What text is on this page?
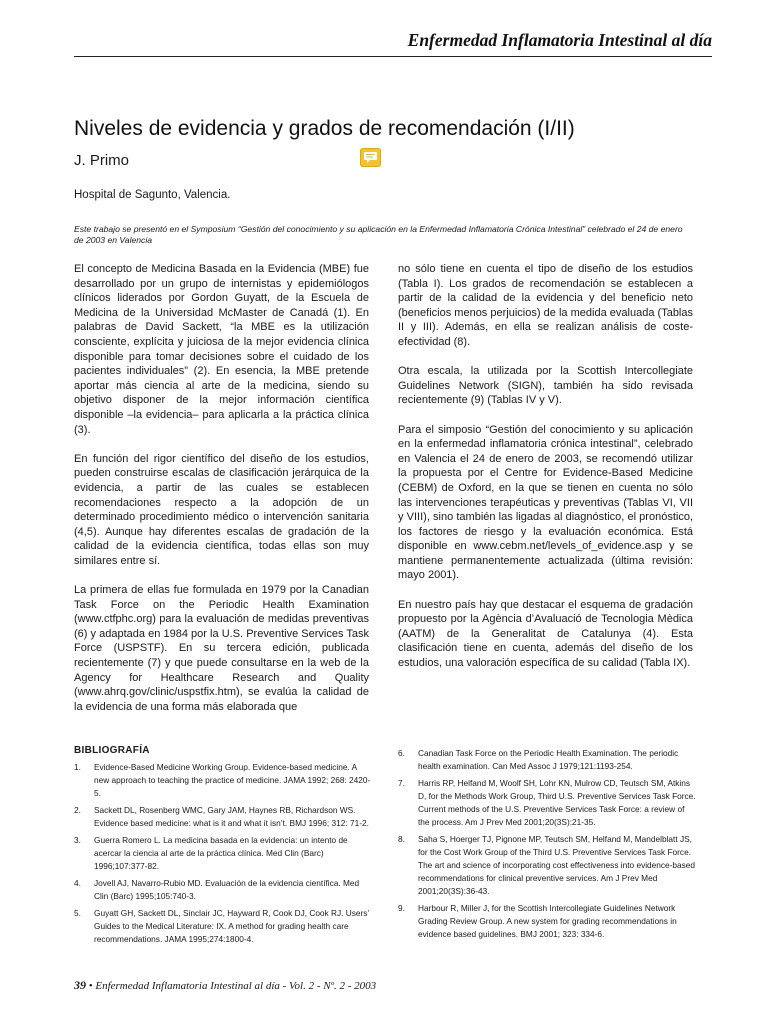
Enfermedad Inflamatoria Intestinal al día
Niveles de evidencia y grados de recomendación (I/II)
J. Primo
Hospital de Sagunto, Valencia.
Este trabajo se presentó en el Symposium “Gestión del conocimiento y su aplicación en la Enfermedad Inflamatoria Crónica Intestinal” celebrado el 24 de enero de 2003 en Valencia

El concepto de Medicina Basada en la Evidencia (MBE) fue desarrollado por un grupo de internistas y epidemiólogos clínicos liderados por Gordon Guyatt, de la Escuela de Medicina de la Universidad McMaster de Canadá (1). En palabras de David Sackett, “la MBE es la utilización consciente, explícita y juiciosa de la mejor evidencia clínica disponible para tomar decisiones sobre el cuidado de los pacientes individuales” (2). En esencia, la MBE pretende aportar más ciencia al arte de la medicina, siendo su objetivo disponer de la mejor información científica disponible –la evidencia– para aplicarla a la práctica clínica (3).

En función del rigor científico del diseño de los estudios, pueden construirse escalas de clasificación jerárquica de la evidencia, a partir de las cuales se establecen recomendaciones respecto a la adopción de un determinado procedimiento médico o intervención sanitaria (4,5). Aunque hay diferentes escalas de gradación de la calidad de la evidencia científica, todas ellas son muy similares entre sí.

La primera de ellas fue formulada en 1979 por la Canadian Task Force on the Periodic Health Examination (www.ctfphc.org) para la evaluación de medidas preventivas (6) y adaptada en 1984 por la U.S. Preventive Services Task Force (USPSTF). En su tercera edición, publicada recientemente (7) y que puede consultarse en la web de la Agency for Healthcare Research and Quality (www.ahrq.gov/clinic/uspstfix.htm), se evalúa la calidad de la evidencia de una forma más elaborada que

no sólo tiene en cuenta el tipo de diseño de los estudios (Tabla I). Los grados de recomendación se establecen a partir de la calidad de la evidencia y del beneficio neto (beneficios menos perjuicios) de la medida evaluada (Tablas II y III). Además, en ella se realizan análisis de coste-efectividad (8).

Otra escala, la utilizada por la Scottish Intercollegiate Guidelines Network (SIGN), también ha sido revisada recientemente (9) (Tablas IV y V).

Para el simposio “Gestión del conocimiento y su aplicación en la enfermedad inflamatoria crónica intestinal”, celebrado en Valencia el 24 de enero de 2003, se recomendó utilizar la propuesta por el Centre for Evidence-Based Medicine (CEBM) de Oxford, en la que se tienen en cuenta no sólo las intervenciones terapéuticas y preventivas (Tablas VI, VII y VIII), sino también las ligadas al diagnóstico, el pronóstico, los factores de riesgo y la evaluación económica. Está disponible en www.cebm.net/levels_of_evidence.asp y se mantiene permanentemente actualizada (última revisión: mayo 2001).

En nuestro país hay que destacar el esquema de gradación propuesto por la Agència d’Avaluació de Tecnologia Mèdica (AATM) de la Generalitat de Catalunya (4). Esta clasificación tiene en cuenta, además del diseño de los estudios, una valoración específica de su calidad (Tabla IX).

BIBLIOGRAFÍA
1. Evidence-Based Medicine Working Group. Evidence-based medicine. A new approach to teaching the practice of medicine. JAMA 1992; 268: 2420-5.
2. Sackett DL, Rosenberg WMC, Gary JAM, Haynes RB, Richardson WS. Evidence based medicine: what is it and what it isn’t. BMJ 1996; 312: 71-2.
3. Guerra Romero L. La medicina basada en la evidencia: un intento de acercar la ciencia al arte de la práctica clínica. Med Clin (Barc) 1996;107:377-82.
4. Jovell AJ, Navarro-Rubio MD. Evaluación de la evidencia científica. Med Clin (Barc) 1995;105:740-3.
5. Guyatt GH, Sackett DL, Sinclair JC, Hayward R, Cook DJ, Cook RJ. Users’ Guides to the Medical Literature: IX. A method for grading health care recommendations. JAMA 1995;274:1800-4.
6. Canadian Task Force on the Periodic Health Examination. The periodic health examination. Can Med Assoc J 1979;121:1193-254.
7. Harris RP, Helfand M, Woolf SH, Lohr KN, Mulrow CD, Teutsch SM, Atkins D, for the Methods Work Group, Third U.S. Preventive Services Task Force. Current methods of the U.S. Preventive Services Task Force: a review of the process. Am J Prev Med 2001;20(3S):21-35.
8. Saha S, Hoerger TJ, Pignone MP, Teutsch SM, Helfand M, Mandelblatt JS, for the Cost Work Group of the Third U.S. Preventive Services Task Force. The art and science of incorporating cost effectiveness into evidence-based recommendations for clinical preventive services. Am J Prev Med 2001;20(3S):36-43.
9. Harbour R, Miller J, for the Scottish Intercollegiate Guidelines Network Grading Review Group. A new system for grading recommendations in evidence based guidelines. BMJ 2001; 323: 334-6.
39 • Enfermedad Inflamatoria Intestinal al día - Vol. 2 - Nº. 2 - 2003
